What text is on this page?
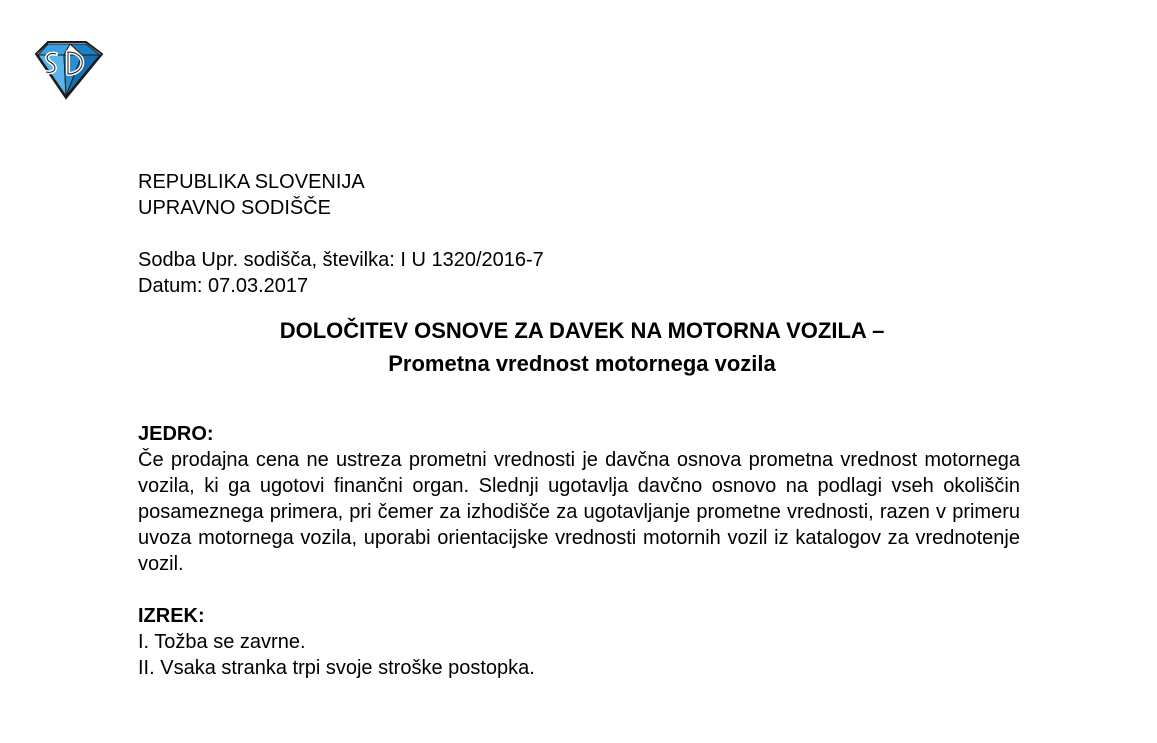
REPUBLIKA SLOVENIJA
UPRAVNO SODIŠČE
Sodba Upr. sodišča, številka: I U 1320/2016-7
Datum: 07.03.2017
DOLOČITEV OSNOVE ZA DAVEK NA MOTORNA VOZILA –
Prometna vrednost motornega vozila
JEDRO:
Če prodajna cena ne ustreza prometni vrednosti je davčna osnova prometna vrednost motornega vozila, ki ga ugotovi finančni organ. Slednji ugotavlja davčno osnovo na podlagi vseh okoliščin posameznega primera, pri čemer za izhodišče za ugotavljanje prometne vrednosti, razen v primeru uvoza motornega vozila, uporabi orientacijske vrednosti motornih vozil iz katalogov za vrednotenje vozil.
IZREK:
I. Tožba se zavrne.
II. Vsaka stranka trpi svoje stroške postopka.
